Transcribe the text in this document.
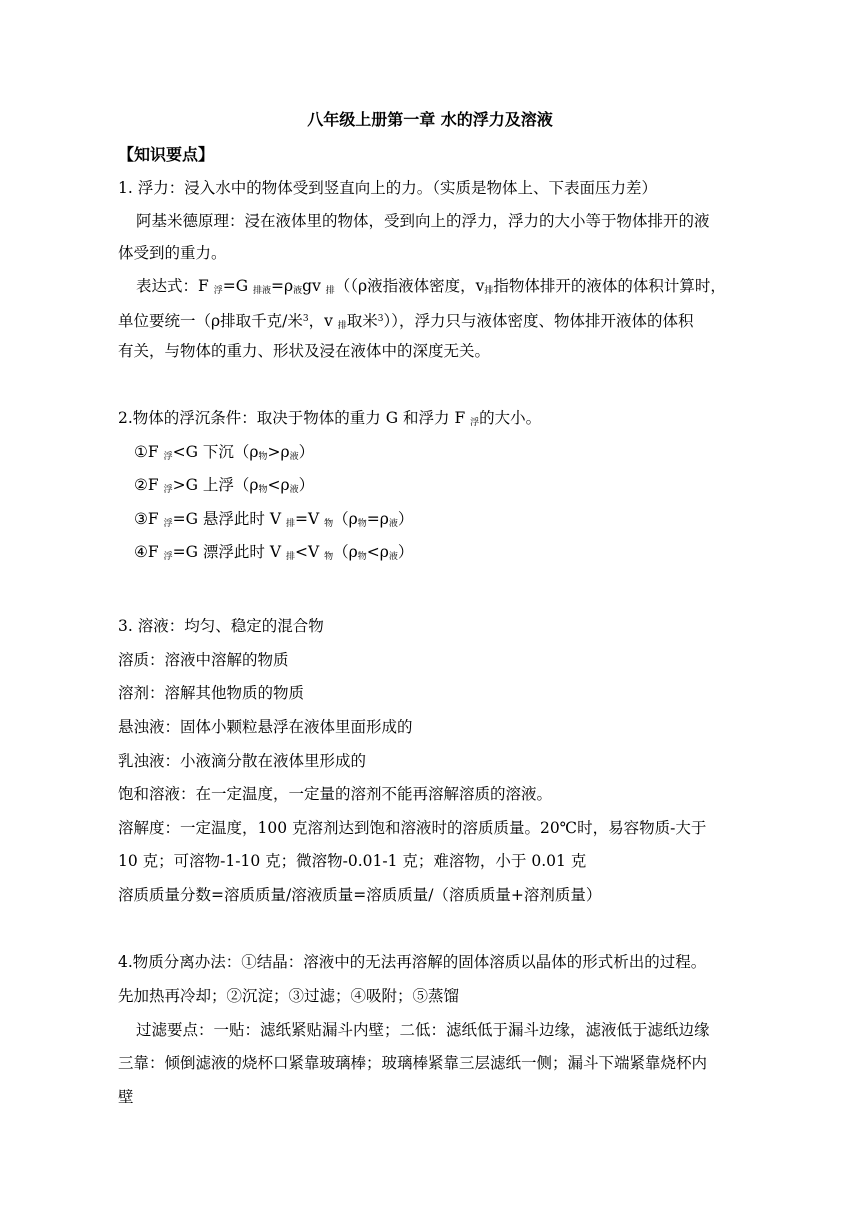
八年级上册第一章 水的浮力及溶液
【知识要点】
1. 浮力：浸入水中的物体受到竖直向上的力。（实质是物体上、下表面压力差）
阿基米德原理：浸在液体里的物体，受到向上的浮力，浮力的大小等于物体排开的液
体受到的重力。
表达式：F 浮=G 排液=ρ液gv 排（（ρ液指液体密度，v排指物体排开的液体的体积计算时，
单位要统一（ρ排取千克/米$^3$，v 排取米$^3$）），浮力只与液体密度、物体排开液体的体积
有关，与物体的重力、形状及浸在液体中的深度无关。
2.物体的浮沉条件：取决于物体的重力 G 和浮力 F 浮的大小。
①F 浮<G 下沉（ρ物>ρ液）
②F 浮>G 上浮（ρ物<ρ液）
③F 浮=G 悬浮此时 V 排=V 物（ρ物=ρ液）
④F 浮=G 漂浮此时 V 排<V 物（ρ物<ρ液）
3. 溶液：均匀、稳定的混合物
溶质：溶液中溶解的物质
溶剂：溶解其他物质的物质
悬浊液：固体小颗粒悬浮在液体里面形成的
乳浊液：小液滴分散在液体里形成的
饱和溶液：在一定温度，一定量的溶剂不能再溶解溶质的溶液。
溶解度：一定温度，100 克溶剂达到饱和溶液时的溶质质量。20℃时，易容物质-大于
10 克；可溶物-1-10 克；微溶物-0.01-1 克；难溶物，小于 0.01 克
溶质质量分数=溶质质量/溶液质量=溶质质量/（溶质质量+溶剂质量）
4.物质分离办法：①结晶：溶液中的无法再溶解的固体溶质以晶体的形式析出的过程。
先加热再冷却；②沉淀；③过滤；④吸附；⑤蒸馏
过滤要点：一贴：滤纸紧贴漏斗内壁；二低：滤纸低于漏斗边缘，滤液低于滤纸边缘
三靠：倾倒滤液的烧杯口紧靠玻璃棒；玻璃棒紧靠三层滤纸一侧；漏斗下端紧靠烧杯内
壁
